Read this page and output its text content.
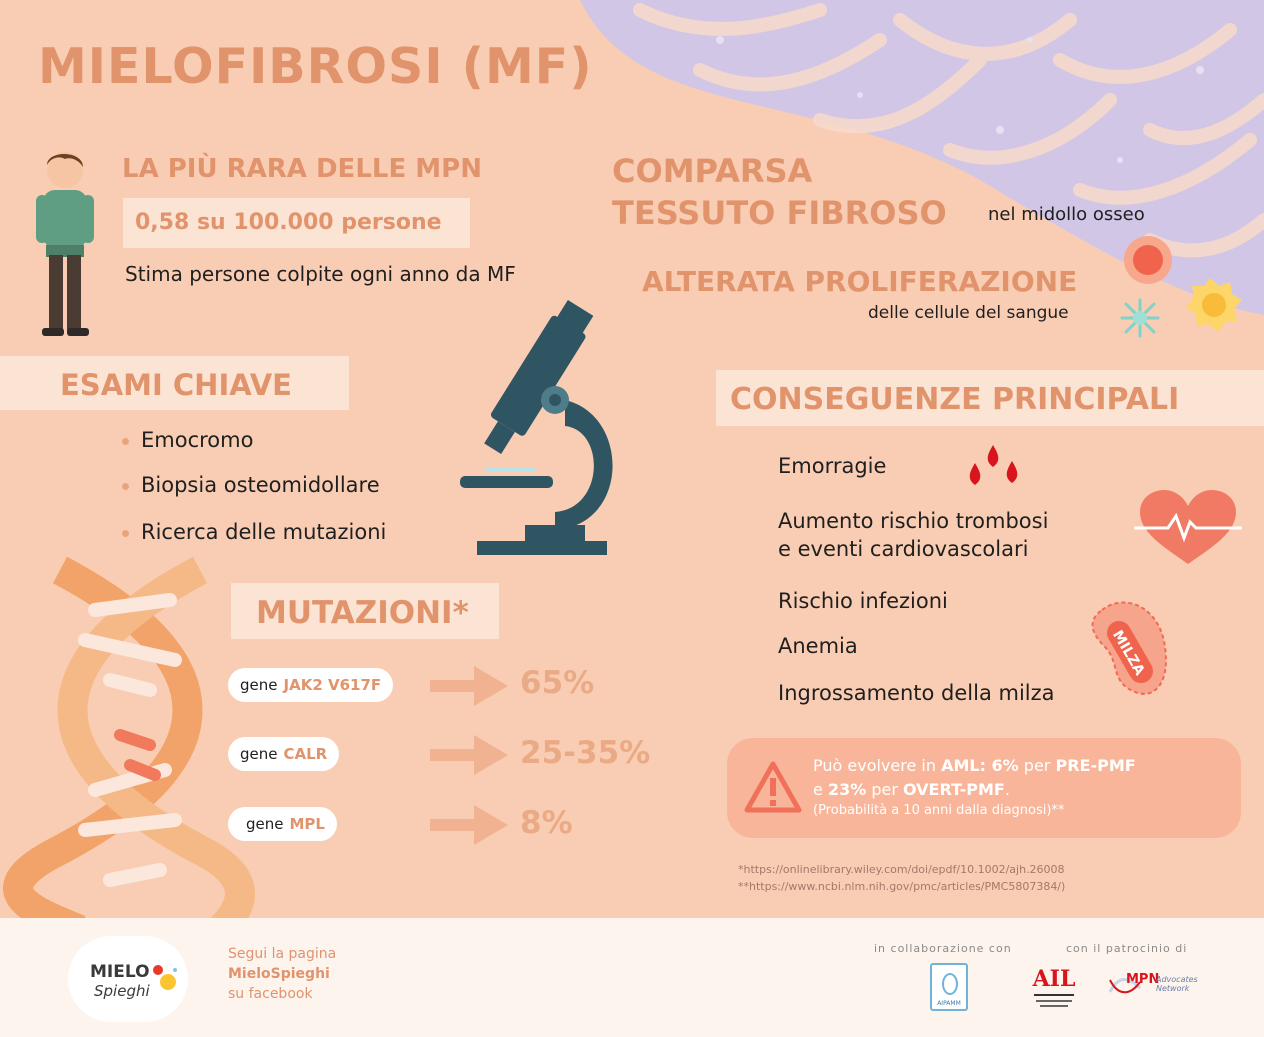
MIELOFIBROSI (MF)
LA PIÙ RARA DELLE MPN
0,58 su 100.000 persone
Stima persone colpite ogni anno da MF
COMPARSA
TESSUTO FIBROSO nel midollo osseo
ALTERATA PROLIFERAZIONE
delle cellule del sangue
ESAMI CHIAVE
Emocromo
Biopsia osteomidollare
Ricerca delle mutazioni
MUTAZIONI*
gene JAK2 V617F
gene CALR
gene MPL
65%
25-35%
8%
CONSEGUENZE PRINCIPALI
Emorragie
Aumento rischio trombosi
e eventi cardiovascolari
Rischio infezioni
Anemia
Ingrossamento della milza
MILZA
Può evolvere in AML: 6% per PRE-PMF
e 23% per OVERT-PMF.
(Probabilità a 10 anni dalla diagnosi)**
*https://onlinelibrary.wiley.com/doi/epdf/10.1002/ajh.26008
**https://www.ncbi.nlm.nih.gov/pmc/articles/PMC5807384/)
MIELO
Spieghi
Segui la pagina
MieloSpieghi
su facebook
in collaborazione con	con il patrocinio di
AIPAMM
AIL	MPN
Advocates Network
